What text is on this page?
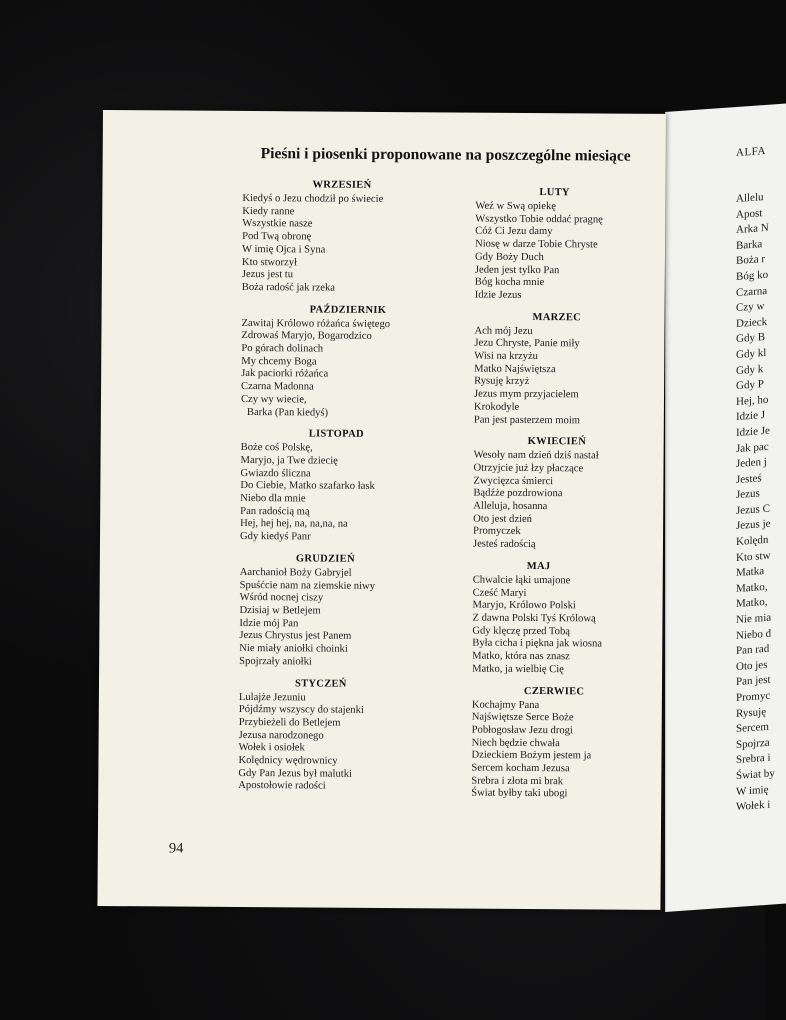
ALFA
Allelu
Apost
Arka N
Barka
Boża r
Bóg ko
Czarna
Czy w
Dzieck
Gdy B
Gdy kl
Gdy k
Gdy P
Hej, ho
Idzie J
Idzie Je
Jak pac
Jeden j
Jesteś
Jezus
Jezus C
Jezus je
Kolędn
Kto stw
Matka
Matko,
Matko,
Nie mia
Niebo d
Pan rad
Oto jes
Pan jest
Promyc
Rysuję
Sercem
Spojrza
Srebra i
Świat by
W imię
Wołek i
Pieśni i piosenki proponowane na poszczególne miesiące
WRZESIEŃ
Kiedyś o Jezu chodził po świecie
Kiedy ranne
Wszystkie nasze
Pod Twą obronę
W imię Ojca i Syna
Kto stworzył
Jezus jest tu
Boża radość jak rzeka
PAŹDZIERNIK
Zawitaj Królowo różańca świętego
Zdrowaś Maryjo, Bogarodzico
Po górach dolinach
My chcemy Boga
Jak paciorki różańca
Czarna Madonna
Czy wy wiecie,
Barka (Pan kiedyś)
LISTOPAD
Boże coś Polskę,
Maryjo, ja Twe dziecię
Gwiazdo śliczna
Do Ciebie, Matko szafarko łask
Niebo dla mnie
Pan radością mą
Hej, hej hej, na, na,na, na
Gdy kiedyś Panr
GRUDZIEŃ
Aarchanioł Boży Gabryjel
Spuśćcie nam na ziemskie niwy
Wśród nocnej ciszy
Dzisiaj w Betlejem
Idzie mój Pan
Jezus Chrystus jest Panem
Nie miały aniołki choinki
Spojrzały aniołki
STYCZEŃ
Lulajże Jezuniu
Pójdźmy wszyscy do stajenki
Przybieżeli do Betlejem
Jezusa narodzonego
Wołek i osiołek
Kolędnicy wędrownicy
Gdy Pan Jezus był malutki
Apostołowie radości
LUTY
Weź w Swą opiekę
Wszystko Tobie oddać pragnę
Cóż Ci Jezu damy
Niosę w darze Tobie Chryste
Gdy Boży Duch
Jeden jest tylko Pan
Bóg kocha mnie
Idzie Jezus
MARZEC
Ach mój Jezu
Jezu Chryste, Panie miły
Wisi na krzyżu
Matko Najświętsza
Rysuję krzyż
Jezus mym przyjacielem
Krokodyle
Pan jest pasterzem moim
KWIECIEŃ
Wesoły nam dzień dziś nastał
Otrzyjcie już łzy płaczące
Zwycięzca śmierci
Bądźże pozdrowiona
Alleluja, hosanna
Oto jest dzień
Promyczek
Jesteś radością
MAJ
Chwalcie łąki umajone
Cześć Maryi
Maryjo, Królowo Polski
Z dawna Polski Tyś Królową
Gdy klęczę przed Tobą
Była cicha i piękna jak wiosna
Matko, która nas znasz
Matko, ja wielbię Cię
CZERWIEC
Kochajmy Pana
Najświętsze Serce Boże
Pobłogosław Jezu drogi
Niech będzie chwała
Dzieckiem Bożym jestem ja
Sercem kocham Jezusa
Srebra i złota mi brak
Świat byłby taki ubogi
94
